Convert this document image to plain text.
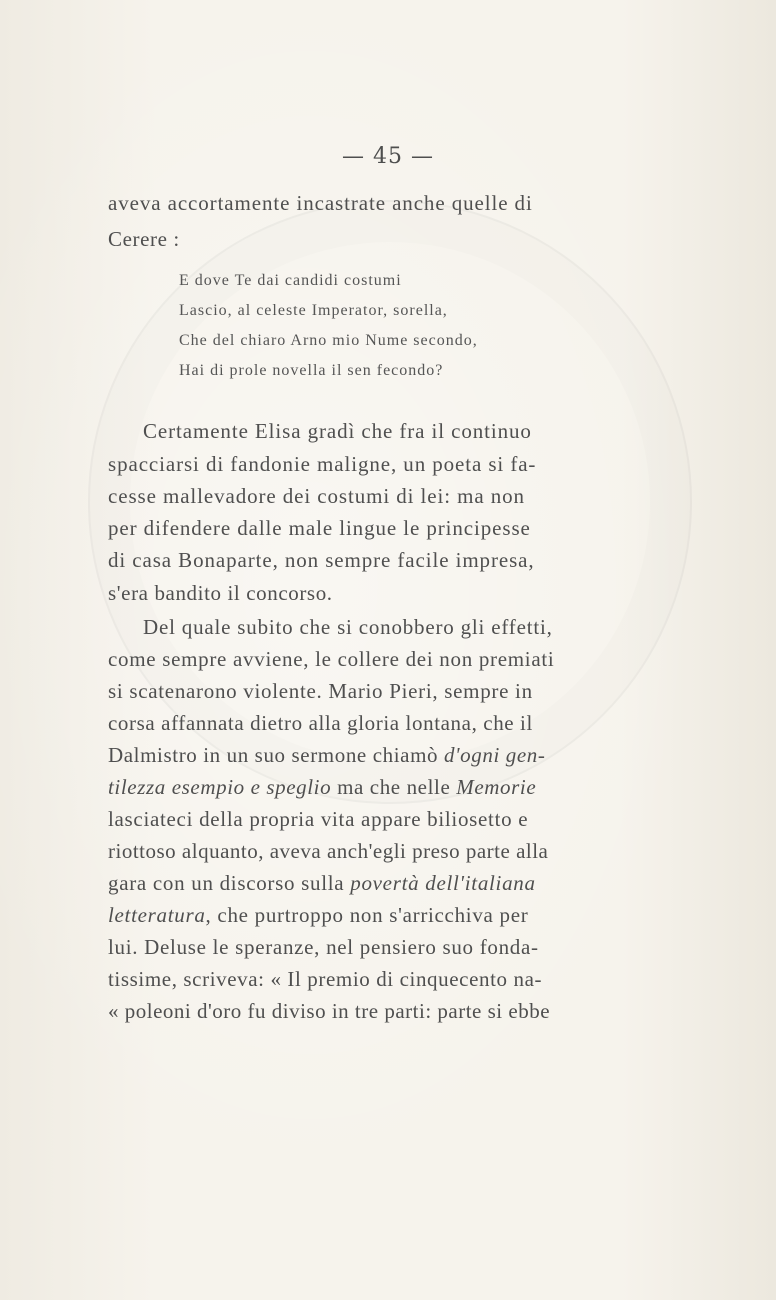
— 45 —
aveva accortamente incastrate anche quelle di
Cerere :
E dove Te dai candidi costumi
Lascio, al celeste Imperator, sorella,
Che del chiaro Arno mio Nume secondo,
Hai di prole novella il sen fecondo?
Certamente Elisa gradì che fra il continuo
spacciarsi di fandonie maligne, un poeta si fa-
cesse mallevadore dei costumi di lei: ma non
per difendere dalle male lingue le principesse
di casa Bonaparte, non sempre facile impresa,
s'era bandito il concorso.
Del quale subito che si conobbero gli effetti,
come sempre avviene, le collere dei non premiati
si scatenarono violente. Mario Pieri, sempre in
corsa affannata dietro alla gloria lontana, che il
Dalmistro in un suo sermone chiamò d'ogni gen-
tilezza esempio e speglio ma che nelle Memorie
lasciateci della propria vita appare biliosetto e
riottoso alquanto, aveva anch'egli preso parte alla
gara con un discorso sulla povertà dell'italiana
letteratura, che purtroppo non s'arricchiva per
lui. Deluse le speranze, nel pensiero suo fonda-
tissime, scriveva: « Il premio di cinquecento na-
« poleoni d'oro fu diviso in tre parti: parte si ebbe
